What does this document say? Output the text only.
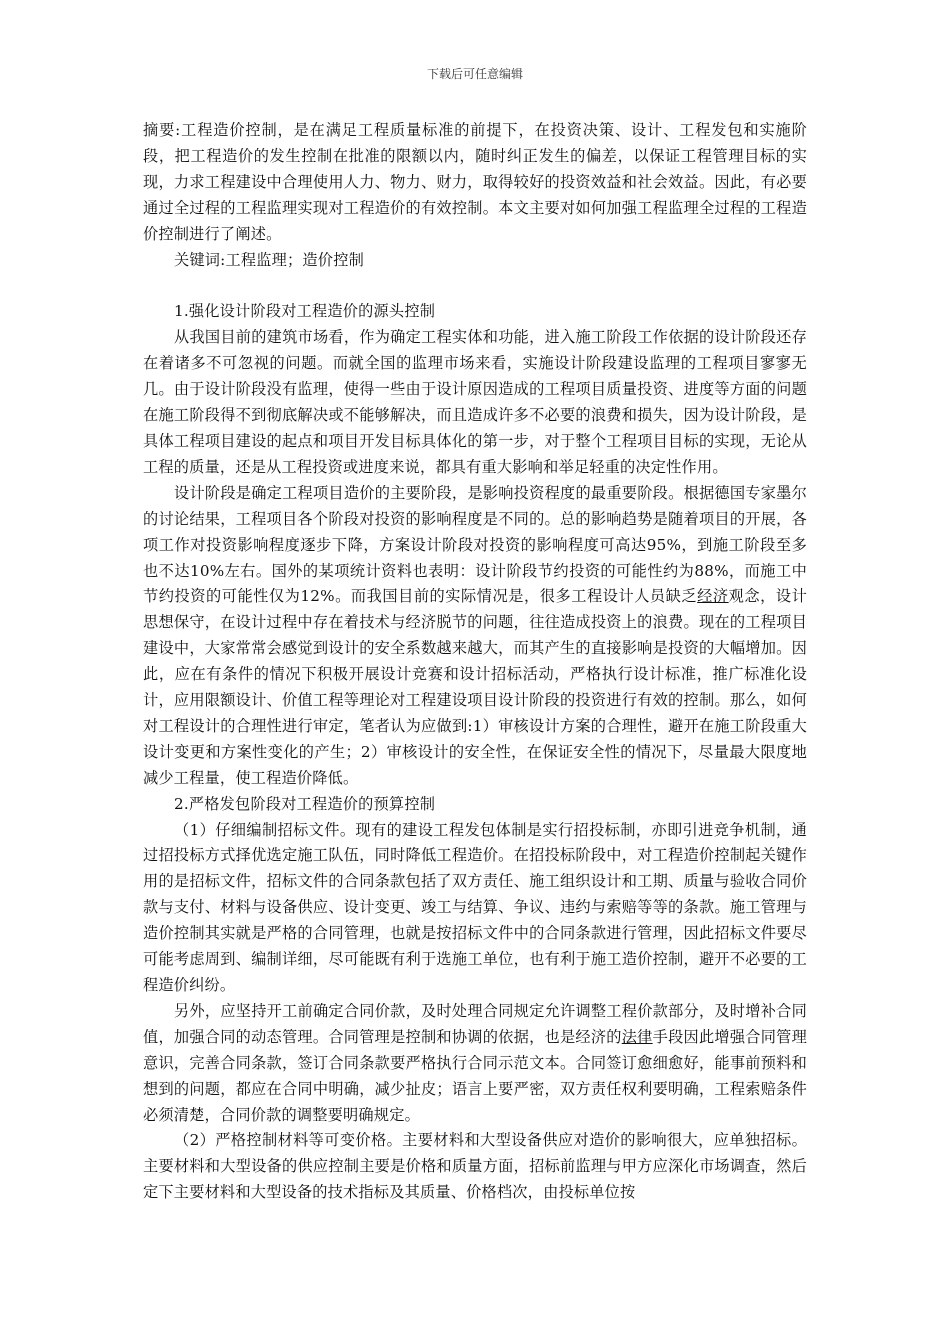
下载后可任意编辑

摘要:工程造价控制，是在满足工程质量标准的前提下，在投资决策、设计、工程发包和实施阶段，把工程造价的发生控制在批准的限额以内，随时纠正发生的偏差，以保证工程管理目标的实现，力求工程建设中合理使用人力、物力、财力，取得较好的投资效益和社会效益。因此，有必要通过全过程的工程监理实现对工程造价的有效控制。本文主要对如何加强工程监理全过程的工程造价控制进行了阐述。

关键词:工程监理；造价控制

1.强化设计阶段对工程造价的源头控制

从我国目前的建筑市场看，作为确定工程实体和功能，进入施工阶段工作依据的设计阶段还存在着诸多不可忽视的问题。而就全国的监理市场来看，实施设计阶段建设监理的工程项目寥寥无几。由于设计阶段没有监理，使得一些由于设计原因造成的工程项目质量投资、进度等方面的问题在施工阶段得不到彻底解决或不能够解决，而且造成许多不必要的浪费和损失，因为设计阶段，是具体工程项目建设的起点和项目开发目标具体化的第一步，对于整个工程项目目标的实现，无论从工程的质量，还是从工程投资或进度来说，都具有重大影响和举足轻重的决定性作用。

设计阶段是确定工程项目造价的主要阶段，是影响投资程度的最重要阶段。根据德国专家墨尔的讨论结果，工程项目各个阶段对投资的影响程度是不同的。总的影响趋势是随着项目的开展，各项工作对投资影响程度逐步下降，方案设计阶段对投资的影响程度可高达95%，到施工阶段至多也不达10%左右。国外的某项统计资料也表明：设计阶段节约投资的可能性约为88%，而施工中节约投资的可能性仅为12%。而我国目前的实际情况是，很多工程设计人员缺乏经济观念，设计思想保守，在设计过程中存在着技术与经济脱节的问题，往往造成投资上的浪费。现在的工程项目建设中，大家常常会感觉到设计的安全系数越来越大，而其产生的直接影响是投资的大幅增加。因此，应在有条件的情况下积极开展设计竞赛和设计招标活动，严格执行设计标准，推广标准化设计，应用限额设计、价值工程等理论对工程建设项目设计阶段的投资进行有效的控制。那么，如何对工程设计的合理性进行审定，笔者认为应做到:1）审核设计方案的合理性，避开在施工阶段重大设计变更和方案性变化的产生；2）审核设计的安全性，在保证安全性的情况下，尽量最大限度地减少工程量，使工程造价降低。

2.严格发包阶段对工程造价的预算控制

（1）仔细编制招标文件。现有的建设工程发包体制是实行招投标制，亦即引进竞争机制，通过招投标方式择优选定施工队伍，同时降低工程造价。在招投标阶段中，对工程造价控制起关键作用的是招标文件，招标文件的合同条款包括了双方责任、施工组织设计和工期、质量与验收合同价款与支付、材料与设备供应、设计变更、竣工与结算、争议、违约与索赔等等的条款。施工管理与造价控制其实就是严格的合同管理，也就是按招标文件中的合同条款进行管理，因此招标文件要尽可能考虑周到、编制详细，尽可能既有利于选施工单位，也有利于施工造价控制，避开不必要的工程造价纠纷。

另外，应坚持开工前确定合同价款，及时处理合同规定允许调整工程价款部分，及时增补合同值，加强合同的动态管理。合同管理是控制和协调的依据，也是经济的法律手段因此增强合同管理意识，完善合同条款，签订合同条款要严格执行合同示范文本。合同签订愈细愈好，能事前预料和想到的问题，都应在合同中明确，减少扯皮；语言上要严密，双方责任权利要明确，工程索赔条件必须清楚，合同价款的调整要明确规定。

（2）严格控制材料等可变价格。主要材料和大型设备供应对造价的影响很大，应单独招标。主要材料和大型设备的供应控制主要是价格和质量方面，招标前监理与甲方应深化市场调查，然后定下主要材料和大型设备的技术指标及其质量、价格档次，由投标单位按
